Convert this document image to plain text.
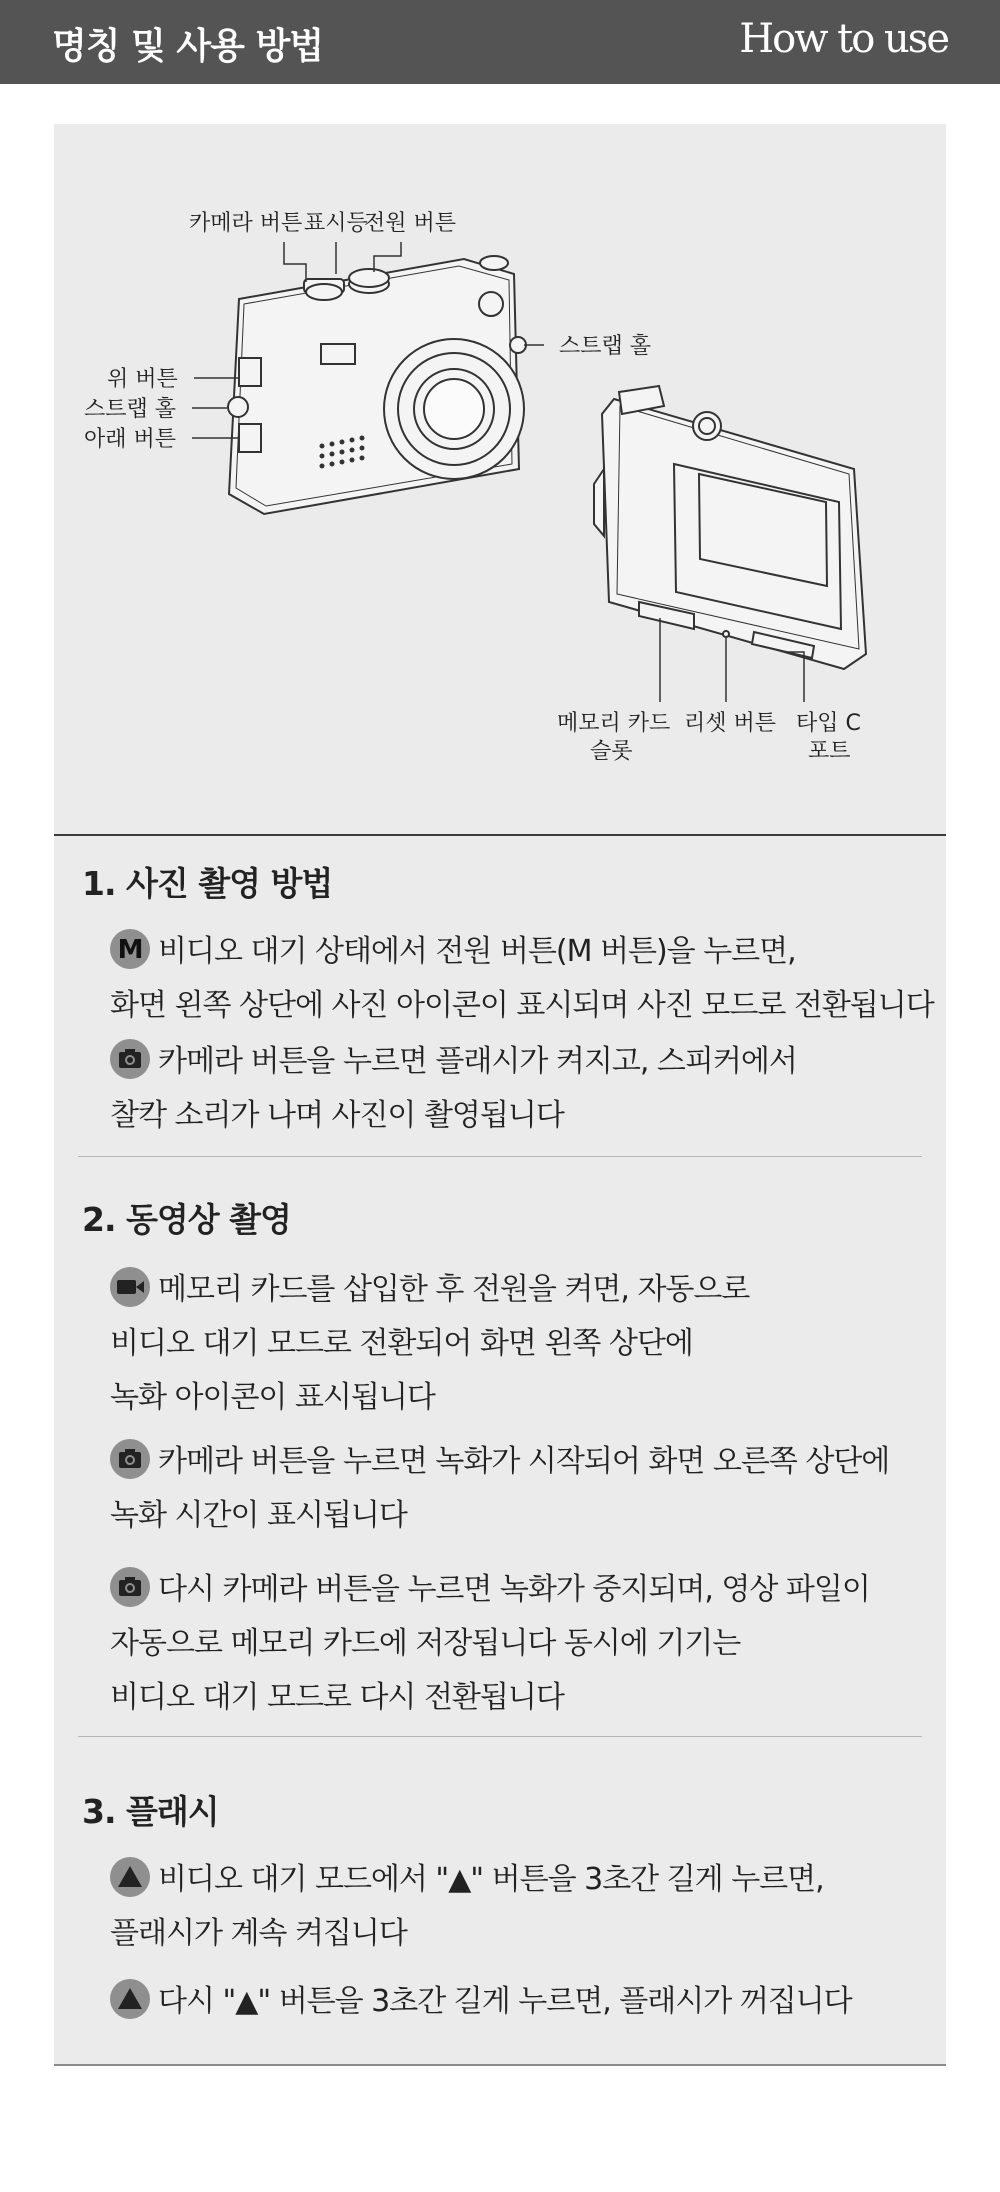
명칭 및 사용 방법	How to use
카메라 버튼 표시등
전원 버튼
스트랩 홀
위 버튼
스트랩 홀
아래 버튼
메모리 카드
슬롯
리셋 버튼 타입 C
포트
1. 사진 촬영 방법
M 비디오 대기 상태에서 전원 버튼(M 버튼)을 누르면,
화면 왼쪽 상단에 사진 아이콘이 표시되며 사진 모드로 전환됩니다
카메라 버튼을 누르면 플래시가 켜지고, 스피커에서
찰칵 소리가 나며 사진이 촬영됩니다
2. 동영상 촬영
메모리 카드를 삽입한 후 전원을 켜면, 자동으로
비디오 대기 모드로 전환되어 화면 왼쪽 상단에
녹화 아이콘이 표시됩니다
카메라 버튼을 누르면 녹화가 시작되어 화면 오른쪽 상단에
녹화 시간이 표시됩니다
다시 카메라 버튼을 누르면 녹화가 중지되며, 영상 파일이
자동으로 메모리 카드에 저장됩니다 동시에 기기는
비디오 대기 모드로 다시 전환됩니다
3. 플래시
비디오 대기 모드에서 "▲" 버튼을 3초간 길게 누르면,
플래시가 계속 켜집니다
다시 "▲" 버튼을 3초간 길게 누르면, 플래시가 꺼집니다
